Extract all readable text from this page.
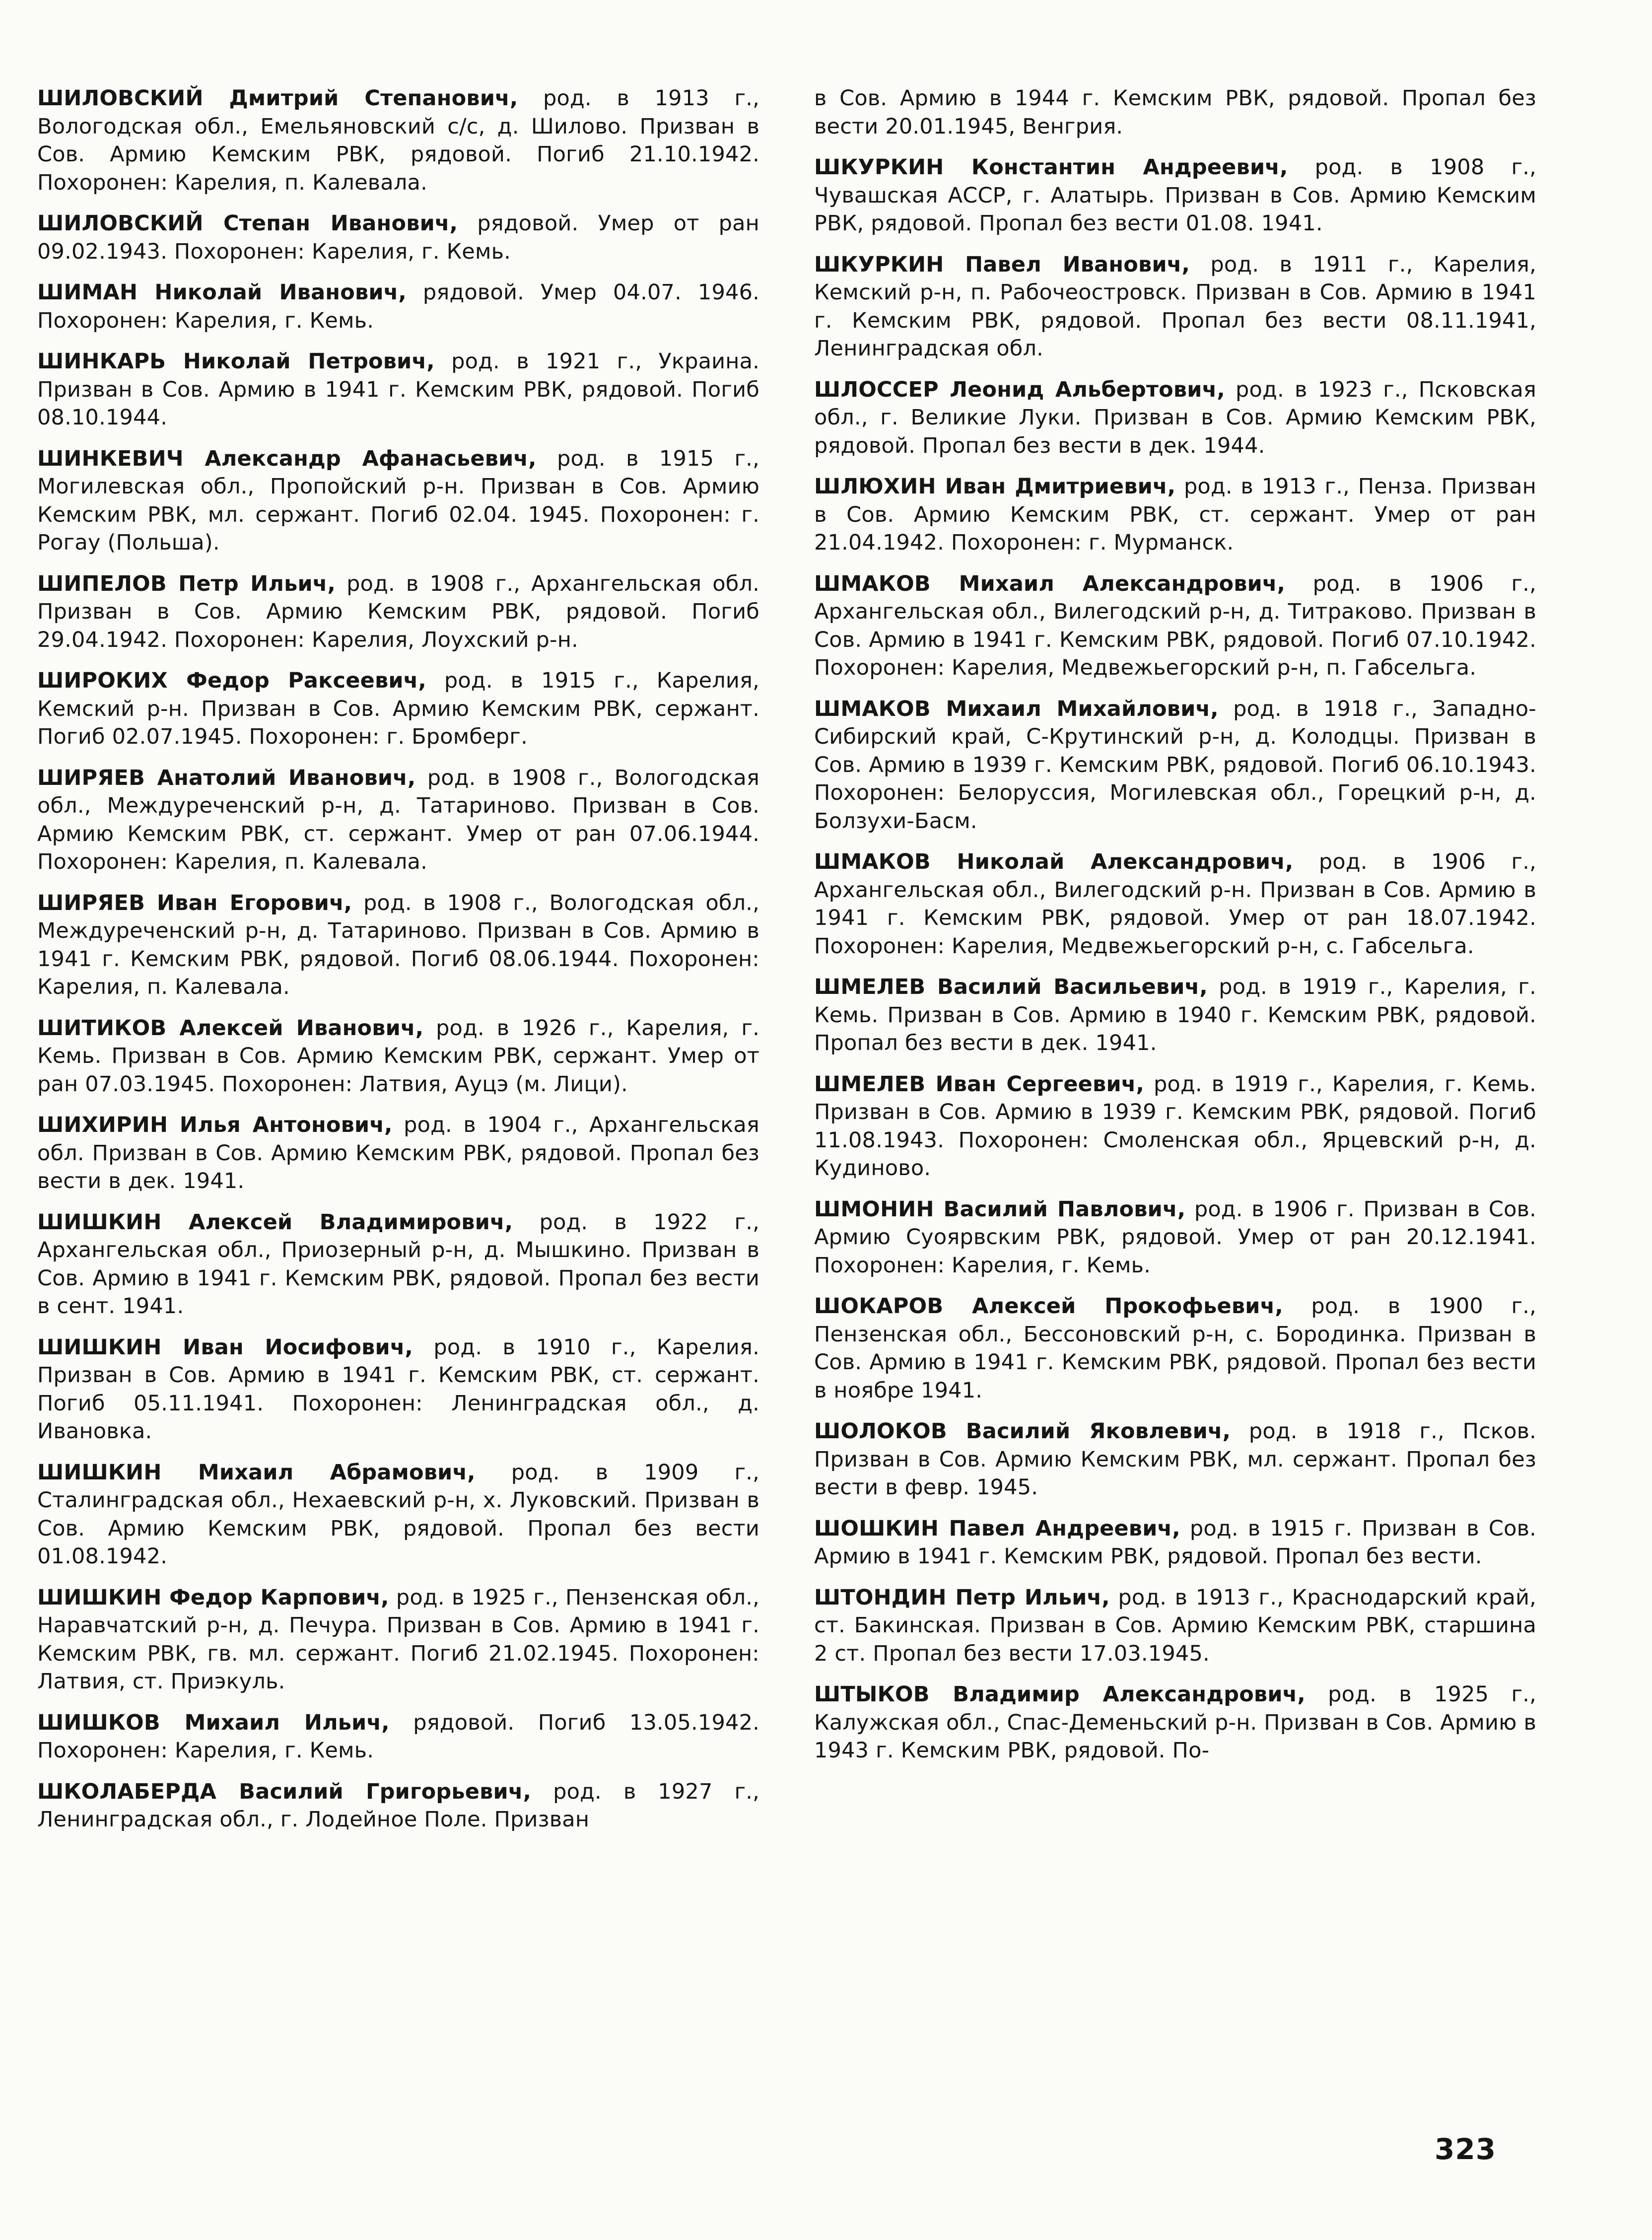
ШИЛОВСКИЙ Дмитрий Степанович, род. в 1913 г., Вологодская обл., Емельяновский с/с, д. Шилово. Призван в Сов. Армию Кемским РВК, рядовой. Погиб 21.10.1942. Похоронен: Карелия, п. Калевала.

ШИЛОВСКИЙ Степан Иванович, рядовой. Умер от ран 09.02.1943. Похоронен: Карелия, г. Кемь.

ШИМАН Николай Иванович, рядовой. Умер 04.07. 1946. Похоронен: Карелия, г. Кемь.

ШИНКАРЬ Николай Петрович, род. в 1921 г., Украина. Призван в Сов. Армию в 1941 г. Кемским РВК, рядовой. Погиб 08.10.1944.

ШИНКЕВИЧ Александр Афанасьевич, род. в 1915 г., Могилевская обл., Пропойский р-н. Призван в Сов. Армию Кемским РВК, мл. сержант. Погиб 02.04. 1945. Похоронен: г. Рогау (Польша).

ШИПЕЛОВ Петр Ильич, род. в 1908 г., Архангельская обл. Призван в Сов. Армию Кемским РВК, рядовой. Погиб 29.04.1942. Похоронен: Карелия, Лоухский р-н.

ШИРОКИХ Федор Раксеевич, род. в 1915 г., Карелия, Кемский р-н. Призван в Сов. Армию Кемским РВК, сержант. Погиб 02.07.1945. Похоронен: г. Бромберг.

ШИРЯЕВ Анатолий Иванович, род. в 1908 г., Вологодская обл., Междуреченский р-н, д. Татариново. Призван в Сов. Армию Кемским РВК, ст. сержант. Умер от ран 07.06.1944. Похоронен: Карелия, п. Калевала.

ШИРЯЕВ Иван Егорович, род. в 1908 г., Вологодская обл., Междуреченский р-н, д. Татариново. Призван в Сов. Армию в 1941 г. Кемским РВК, рядовой. Погиб 08.06.1944. Похоронен: Карелия, п. Калевала.

ШИТИКОВ Алексей Иванович, род. в 1926 г., Карелия, г. Кемь. Призван в Сов. Армию Кемским РВК, сержант. Умер от ран 07.03.1945. Похоронен: Латвия, Ауцэ (м. Лици).

ШИХИРИН Илья Антонович, род. в 1904 г., Архангельская обл. Призван в Сов. Армию Кемским РВК, рядовой. Пропал без вести в дек. 1941.

ШИШКИН Алексей Владимирович, род. в 1922 г., Архангельская обл., Приозерный р-н, д. Мышкино. Призван в Сов. Армию в 1941 г. Кемским РВК, рядовой. Пропал без вести в сент. 1941.

ШИШКИН Иван Иосифович, род. в 1910 г., Карелия. Призван в Сов. Армию в 1941 г. Кемским РВК, ст. сержант. Погиб 05.11.1941. Похоронен: Ленинградская обл., д. Ивановка.

ШИШКИН Михаил Абрамович, род. в 1909 г., Сталинградская обл., Нехаевский р-н, х. Луковский. Призван в Сов. Армию Кемским РВК, рядовой. Пропал без вести 01.08.1942.

ШИШКИН Федор Карпович, род. в 1925 г., Пензенская обл., Наравчатский р-н, д. Печура. Призван в Сов. Армию в 1941 г. Кемским РВК, гв. мл. сержант. Погиб 21.02.1945. Похоронен: Латвия, ст. Приэкуль.

ШИШКОВ Михаил Ильич, рядовой. Погиб 13.05.1942. Похоронен: Карелия, г. Кемь.

ШКОЛАБЕРДА Василий Григорьевич, род. в 1927 г., Ленинградская обл., г. Лодейное Поле. Призван

в Сов. Армию в 1944 г. Кемским РВК, рядовой. Пропал без вести 20.01.1945, Венгрия.

ШКУРКИН Константин Андреевич, род. в 1908 г., Чувашская АССР, г. Алатырь. Призван в Сов. Армию Кемским РВК, рядовой. Пропал без вести 01.08. 1941.

ШКУРКИН Павел Иванович, род. в 1911 г., Карелия, Кемский р-н, п. Рабочеостровск. Призван в Сов. Армию в 1941 г. Кемским РВК, рядовой. Пропал без вести 08.11.1941, Ленинградская обл.

ШЛОССЕР Леонид Альбертович, род. в 1923 г., Псковская обл., г. Великие Луки. Призван в Сов. Армию Кемским РВК, рядовой. Пропал без вести в дек. 1944.

ШЛЮХИН Иван Дмитриевич, род. в 1913 г., Пенза. Призван в Сов. Армию Кемским РВК, ст. сержант. Умер от ран 21.04.1942. Похоронен: г. Мурманск.

ШМАКОВ Михаил Александрович, род. в 1906 г., Архангельская обл., Вилегодский р-н, д. Титраково. Призван в Сов. Армию в 1941 г. Кемским РВК, рядовой. Погиб 07.10.1942. Похоронен: Карелия, Медвежьегорский р-н, п. Габсельга.

ШМАКОВ Михаил Михайлович, род. в 1918 г., Западно-Сибирский край, С-Крутинский р-н, д. Колодцы. Призван в Сов. Армию в 1939 г. Кемским РВК, рядовой. Погиб 06.10.1943. Похоронен: Белоруссия, Могилевская обл., Горецкий р-н, д. Болзухи-Басм.

ШМАКОВ Николай Александрович, род. в 1906 г., Архангельская обл., Вилегодский р-н. Призван в Сов. Армию в 1941 г. Кемским РВК, рядовой. Умер от ран 18.07.1942. Похоронен: Карелия, Медвежьегорский р-н, с. Габсельга.

ШМЕЛЕВ Василий Васильевич, род. в 1919 г., Карелия, г. Кемь. Призван в Сов. Армию в 1940 г. Кемским РВК, рядовой. Пропал без вести в дек. 1941.

ШМЕЛЕВ Иван Сергеевич, род. в 1919 г., Карелия, г. Кемь. Призван в Сов. Армию в 1939 г. Кемским РВК, рядовой. Погиб 11.08.1943. Похоронен: Смоленская обл., Ярцевский р-н, д. Кудиново.

ШМОНИН Василий Павлович, род. в 1906 г. Призван в Сов. Армию Суоярвским РВК, рядовой. Умер от ран 20.12.1941. Похоронен: Карелия, г. Кемь.

ШОКАРОВ Алексей Прокофьевич, род. в 1900 г., Пензенская обл., Бессоновский р-н, с. Бородинка. Призван в Сов. Армию в 1941 г. Кемским РВК, рядовой. Пропал без вести в ноябре 1941.

ШОЛОКОВ Василий Яковлевич, род. в 1918 г., Псков. Призван в Сов. Армию Кемским РВК, мл. сержант. Пропал без вести в февр. 1945.

ШОШКИН Павел Андреевич, род. в 1915 г. Призван в Сов. Армию в 1941 г. Кемским РВК, рядовой. Пропал без вести.

ШТОНДИН Петр Ильич, род. в 1913 г., Краснодарский край, ст. Бакинская. Призван в Сов. Армию Кемским РВК, старшина 2 ст. Пропал без вести 17.03.1945.

ШТЫКОВ Владимир Александрович, род. в 1925 г., Калужская обл., Спас-Деменьский р-н. Призван в Сов. Армию в 1943 г. Кемским РВК, рядовой. По-

323
